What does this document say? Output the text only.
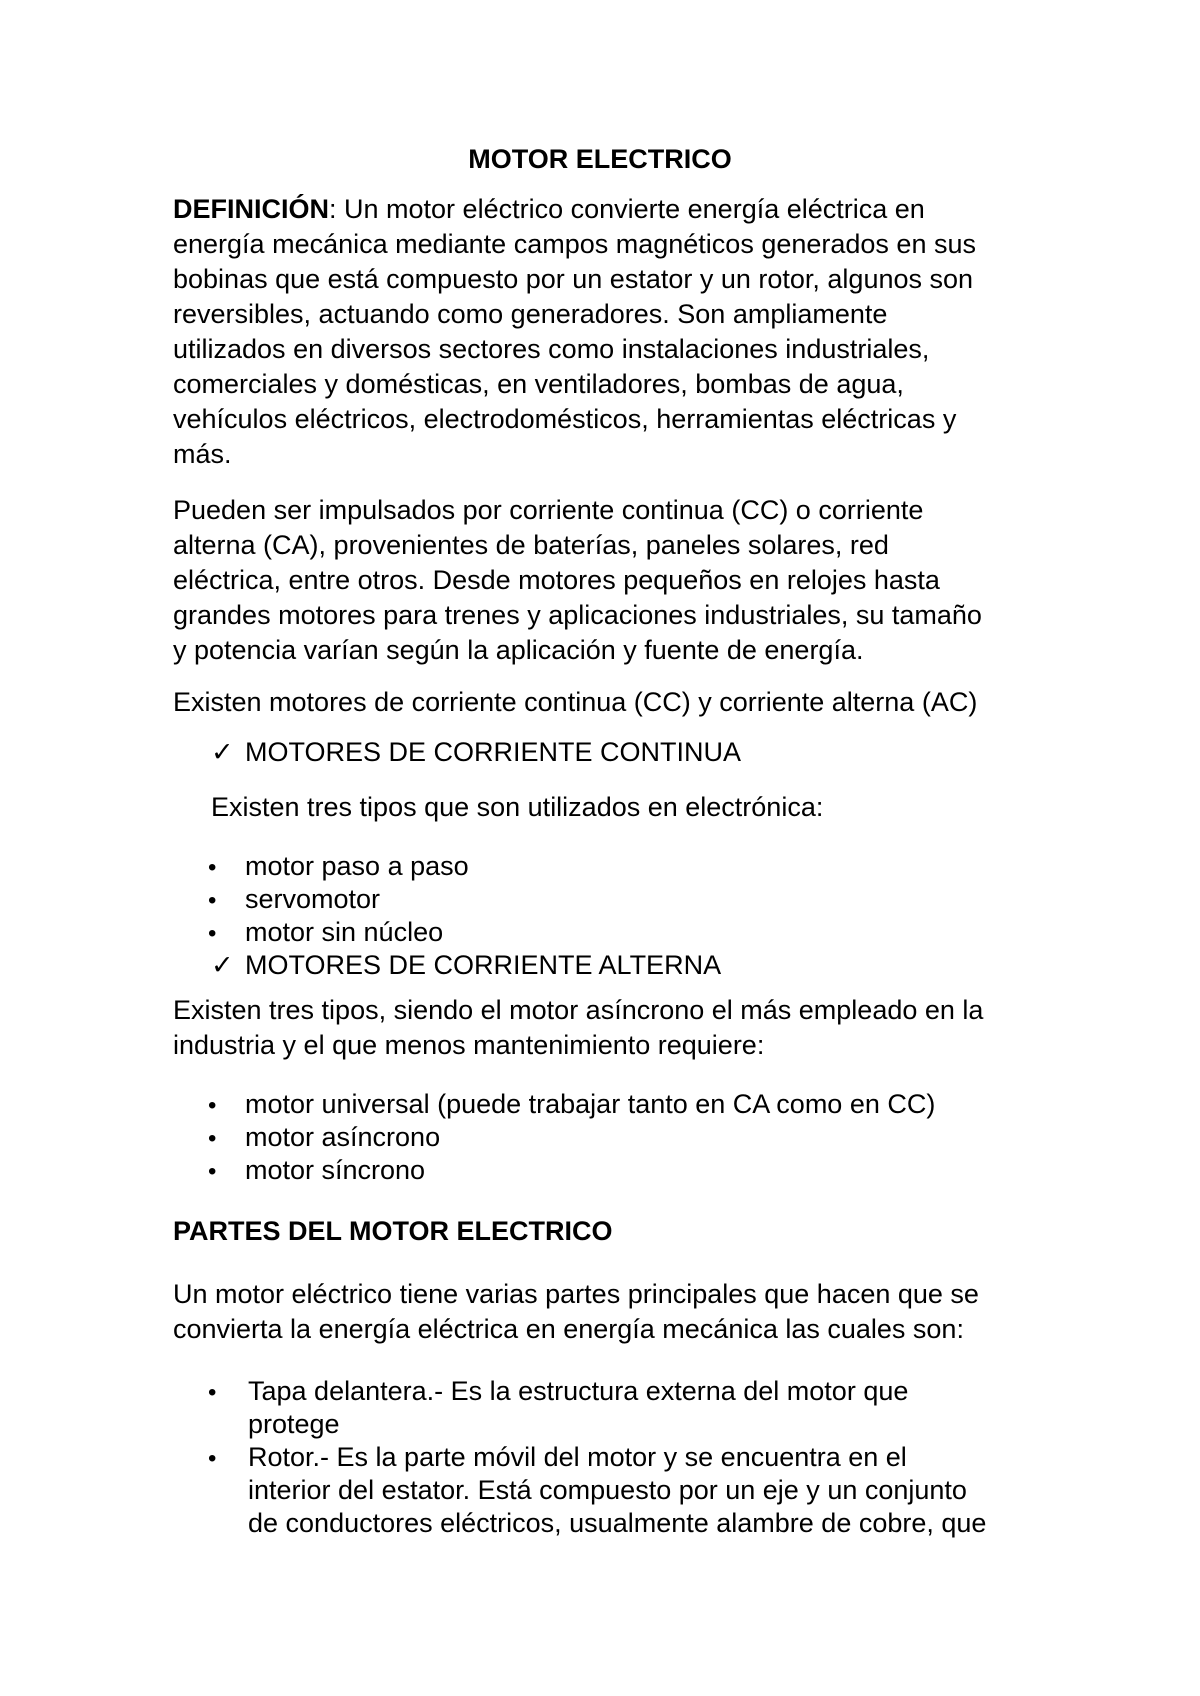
MOTOR ELECTRICO

DEFINICIÓN: Un motor eléctrico convierte energía eléctrica en

energía mecánica mediante campos magnéticos generados en sus

bobinas que está compuesto por un estator y un rotor, algunos son

reversibles, actuando como generadores. Son ampliamente

utilizados en diversos sectores como instalaciones industriales,

comerciales y domésticas, en ventiladores, bombas de agua,

vehículos eléctricos, electrodomésticos, herramientas eléctricas y

más.

Pueden ser impulsados por corriente continua (CC) o corriente

alterna (CA), provenientes de baterías, paneles solares, red

eléctrica, entre otros. Desde motores pequeños en relojes hasta

grandes motores para trenes y aplicaciones industriales, su tamaño

y potencia varían según la aplicación y fuente de energía.

Existen motores de corriente continua (CC) y corriente alterna (AC)

✓ MOTORES DE CORRIENTE CONTINUA

Existen tres tipos que son utilizados en electrónica:

• motor paso a paso

• servomotor

• motor sin núcleo

✓ MOTORES DE CORRIENTE ALTERNA

Existen tres tipos, siendo el motor asíncrono el más empleado en la

industria y el que menos mantenimiento requiere:

• motor universal (puede trabajar tanto en CA como en CC)

• motor asíncrono

• motor síncrono

PARTES DEL MOTOR ELECTRICO

Un motor eléctrico tiene varias partes principales que hacen que se

convierta la energía eléctrica en energía mecánica las cuales son:

• Tapa delantera.- Es la estructura externa del motor que

protege

• Rotor.- Es la parte móvil del motor y se encuentra en el

interior del estator. Está compuesto por un eje y un conjunto

de conductores eléctricos, usualmente alambre de cobre, que
